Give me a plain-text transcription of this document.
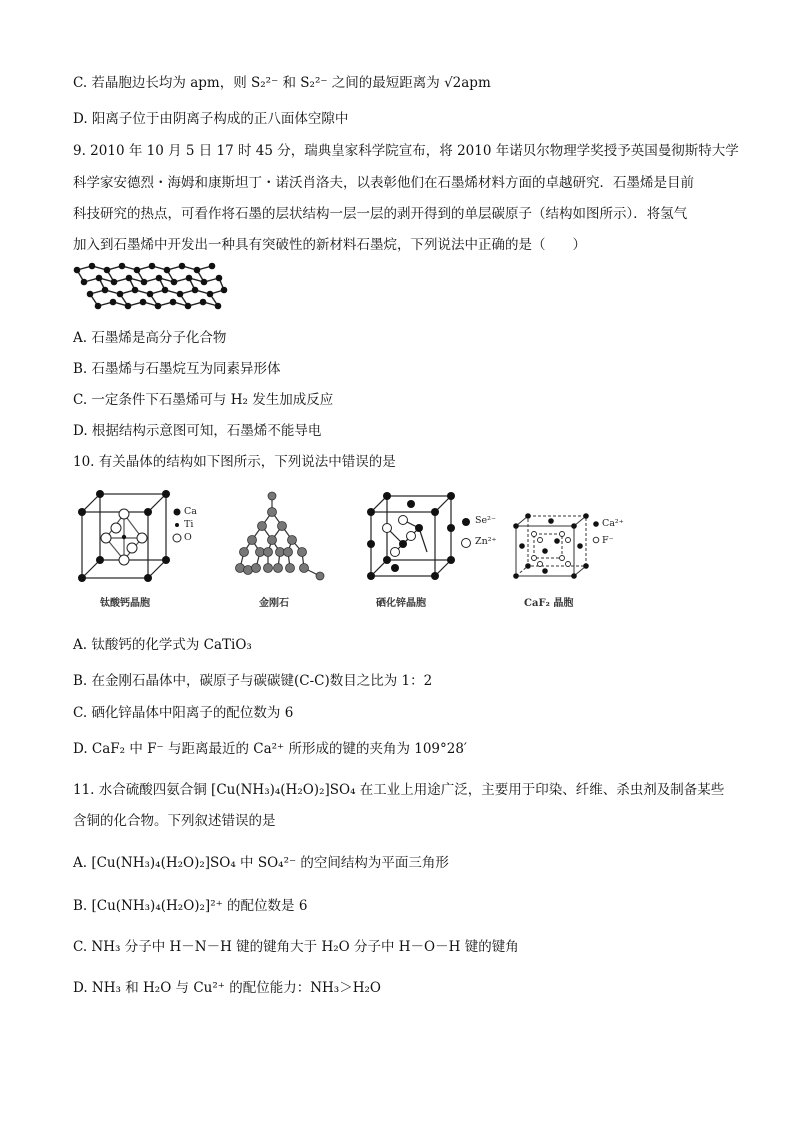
C. 若晶胞边长均为 apm，则 S₂²⁻ 和 S₂²⁻ 之间的最短距离为 √2apm
D. 阳离子位于由阴离子构成的正八面体空隙中
9. 2010 年 10 月 5 日 17 时 45 分，瑞典皇家科学院宣布，将 2010 年诺贝尔物理学奖授予英国曼彻斯特大学
科学家安德烈・海姆和康斯坦丁・诺沃肖洛夫，以表彰他们在石墨烯材料方面的卓越研究．石墨烯是目前
科技研究的热点，可看作将石墨的层状结构一层一层的剥开得到的单层碳原子（结构如图所示）．将氢气
加入到石墨烯中开发出一种具有突破性的新材料石墨烷，下列说法中正确的是（　　）
A. 石墨烯是高分子化合物
B. 石墨烯与石墨烷互为同素异形体
C. 一定条件下石墨烯可与 H₂ 发生加成反应
D. 根据结构示意图可知，石墨烯不能导电
10. 有关晶体的结构如下图所示，下列说法中错误的是
Ca
Ti
O
钛酸钙晶胞	金刚石
Se²⁻
Zn²⁺
硒化锌晶胞
Ca²⁺
F⁻
CaF₂ 晶胞
A. 钛酸钙的化学式为 CaTiO₃
B. 在金刚石晶体中，碳原子与碳碳键(C-C)数目之比为 1：2
C. 硒化锌晶体中阳离子的配位数为 6
D. CaF₂ 中 F⁻ 与距离最近的 Ca²⁺ 所形成的键的夹角为 109°28′
11. 水合硫酸四氨合铜 [Cu(NH₃)₄(H₂O)₂]SO₄ 在工业上用途广泛，主要用于印染、纤维、杀虫剂及制备某些含铜的化合物。下列叙述错误的是
A. [Cu(NH₃)₄(H₂O)₂]SO₄ 中 SO₄²⁻ 的空间结构为平面三角形
B. [Cu(NH₃)₄(H₂O)₂]²⁺ 的配位数是 6
C. NH₃ 分子中 H－N－H 键的键角大于 H₂O 分子中 H－O－H 键的键角
D. NH₃ 和 H₂O 与 Cu²⁺ 的配位能力：NH₃＞H₂O
